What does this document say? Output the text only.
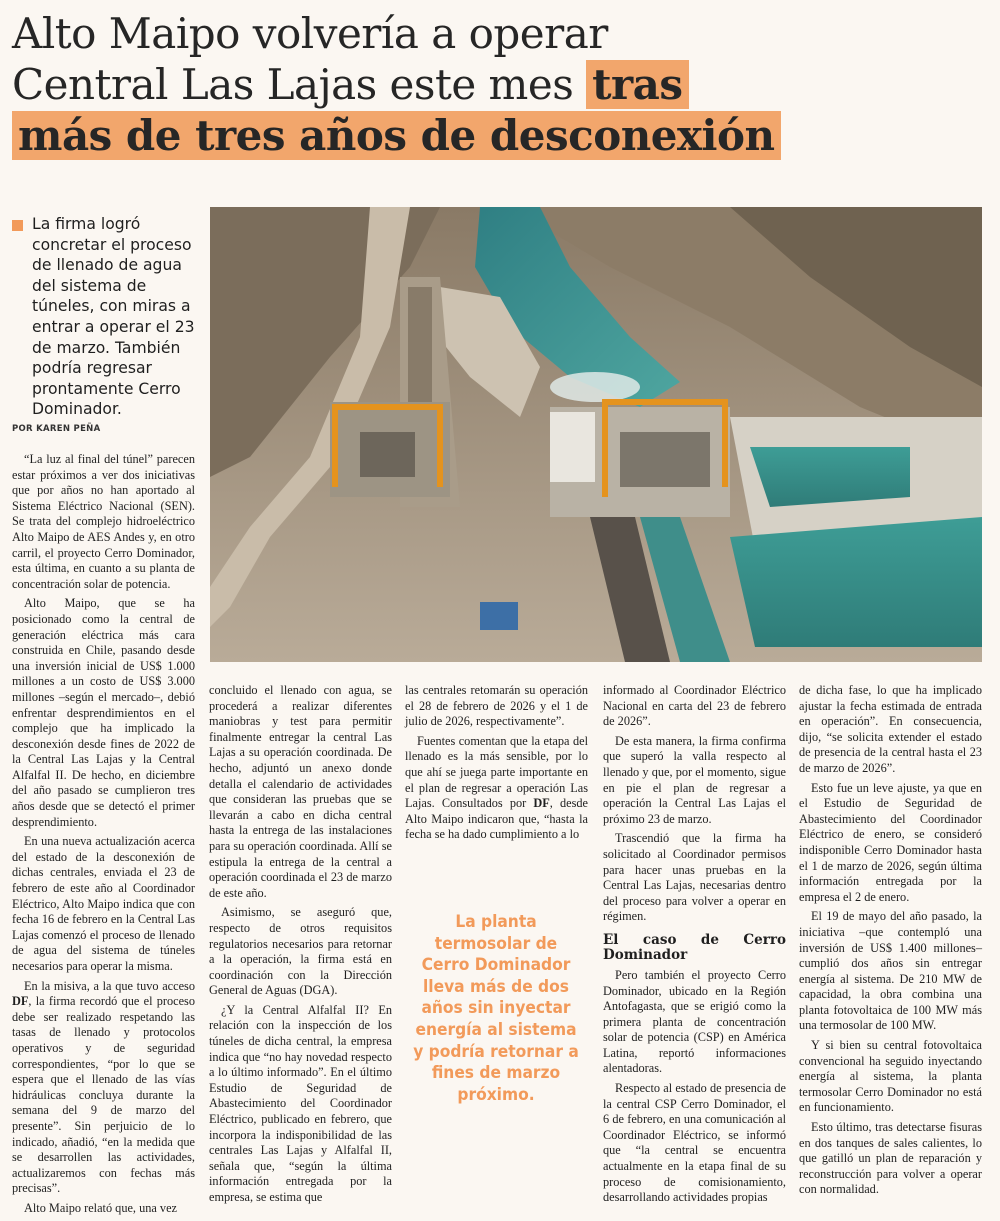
Alto Maipo volvería a operar
Central Las Lajas este mes tras
más de tres años de desconexión
La firma logró concretar el proceso de llenado de agua del sistema de túneles, con miras a entrar a operar el 23 de marzo. También podría regresar prontamente Cerro Dominador.
POR KAREN PEÑA

“La luz al final del túnel” parecen estar próximos a ver dos iniciativas que por años no han aportado al Sistema Eléctrico Nacional (SEN). Se trata del complejo hidroeléctrico Alto Maipo de AES Andes y, en otro carril, el proyecto Cerro Dominador, esta última, en cuanto a su planta de concentración solar de potencia.

Alto Maipo, que se ha posicionado como la central de generación eléctrica más cara construida en Chile, pasando desde una inversión inicial de US$ 1.000 millones a un costo de US$ 3.000 millones –según el mercado–, debió enfrentar desprendimientos en el complejo que ha implicado la desconexión desde fines de 2022 de la Central Las Lajas y la Central Alfalfal II. De hecho, en diciembre del año pasado se cumplieron tres años desde que se detectó el primer desprendimiento.

En una nueva actualización acerca del estado de la desconexión de dichas centrales, enviada el 23 de febrero de este año al Coordinador Eléctrico, Alto Maipo indica que con fecha 16 de febrero en la Central Las Lajas comenzó el proceso de llenado de agua del sistema de túneles necesarios para operar la misma.

En la misiva, a la que tuvo acceso DF, la firma recordó que el proceso debe ser realizado respetando las tasas de llenado y protocolos operativos y de seguridad correspondientes, “por lo que se espera que el llenado de las vías hidráulicas concluya durante la semana del 9 de marzo del presente”. Sin perjuicio de lo indicado, añadió, “en la medida que se desarrollen las actividades, actualizaremos con fechas más precisas”.

Alto Maipo relató que, una vez

concluido el llenado con agua, se procederá a realizar diferentes maniobras y test para permitir finalmente entregar la central Las Lajas a su operación coordinada. De hecho, adjuntó un anexo donde detalla el calendario de actividades que consideran las pruebas que se llevarán a cabo en dicha central hasta la entrega de las instalaciones para su operación coordinada. Allí se estipula la entrega de la central a operación coordinada el 23 de marzo de este año.

Asimismo, se aseguró que, respecto de otros requisitos regulatorios necesarios para retornar a la operación, la firma está en coordinación con la Dirección General de Aguas (DGA).

¿Y la Central Alfalfal II? En relación con la inspección de los túneles de dicha central, la empresa indica que “no hay novedad respecto a lo último informado”. En el último Estudio de Seguridad de Abastecimiento del Coordinador Eléctrico, publicado en febrero, que incorpora la indisponibilidad de las centrales Las Lajas y Alfalfal II, señala que, “según la última información entregada por la empresa, se estima que

las centrales retomarán su operación el 28 de febrero de 2026 y el 1 de julio de 2026, respectivamente”.

Fuentes comentan que la etapa del llenado es la más sensible, por lo que ahí se juega parte importante en el plan de regresar a operación Las Lajas. Consultados por DF, desde Alto Maipo indicaron que, “hasta la fecha se ha dado cumplimiento a lo

La planta termosolar de Cerro Dominador lleva más de dos años sin inyectar energía al sistema y podría retornar a fines de marzo próximo.

informado al Coordinador Eléctrico Nacional en carta del 23 de febrero de 2026”.

De esta manera, la firma confirma que superó la valla respecto al llenado y que, por el momento, sigue en pie el plan de regresar a operación la Central Las Lajas el próximo 23 de marzo.

Trascendió que la firma ha solicitado al Coordinador permisos para hacer unas pruebas en la Central Las Lajas, necesarias dentro del proceso para volver a operar en régimen.

El caso de Cerro Dominador

Pero también el proyecto Cerro Dominador, ubicado en la Región Antofagasta, que se erigió como la primera planta de concentración solar de potencia (CSP) en América Latina, reportó informaciones alentadoras.

Respecto al estado de presencia de la central CSP Cerro Dominador, el 6 de febrero, en una comunicación al Coordinador Eléctrico, se informó que “la central se encuentra actualmente en la etapa final de su proceso de comisionamiento, desarrollando actividades propias

de dicha fase, lo que ha implicado ajustar la fecha estimada de entrada en operación”. En consecuencia, dijo, “se solicita extender el estado de presencia de la central hasta el 23 de marzo de 2026”.

Esto fue un leve ajuste, ya que en el Estudio de Seguridad de Abastecimiento del Coordinador Eléctrico de enero, se consideró indisponible Cerro Dominador hasta el 1 de marzo de 2026, según última información entregada por la empresa el 2 de enero.

El 19 de mayo del año pasado, la iniciativa –que contempló una inversión de US$ 1.400 millones– cumplió dos años sin entregar energía al sistema. De 210 MW de capacidad, la obra combina una planta fotovoltaica de 100 MW más una termosolar de 100 MW.

Y si bien su central fotovoltaica convencional ha seguido inyectando energía al sistema, la planta termosolar Cerro Dominador no está en funcionamiento.

Esto último, tras detectarse fisuras en dos tanques de sales calientes, lo que gatilló un plan de reparación y reconstrucción para volver a operar con normalidad.
